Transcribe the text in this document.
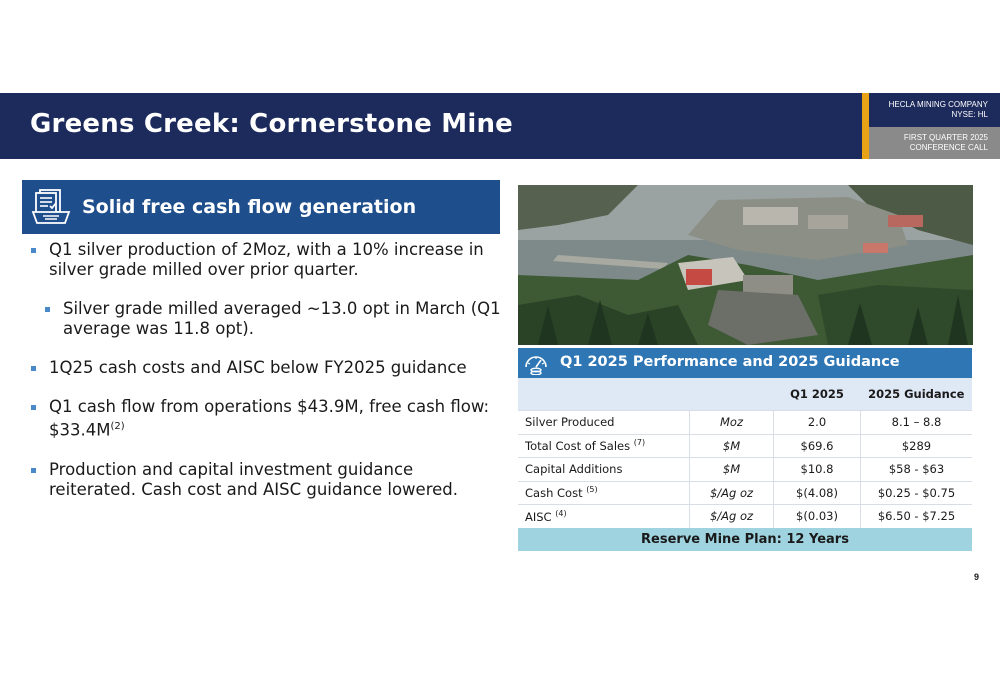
Greens Creek: Cornerstone Mine
HECLA MINING COMPANY
NYSE: HL
FIRST QUARTER 2025
CONFERENCE CALL
Solid free cash flow generation
Q1 silver production of 2Moz, with a 10% increase in silver grade milled over prior quarter.
Silver grade milled averaged ~13.0 opt in March (Q1 average was 11.8 opt).
1Q25 cash costs and AISC below FY2025 guidance
Q1 cash flow from operations $43.9M, free cash flow: $\$33.4M^{(2)}$
Production and capital investment guidance reiterated. Cash cost and AISC guidance lowered.
Q1 2025 Performance and 2025 Guidance
		Q1 2025	2025 Guidance
Silver Produced	Moz	2.0	8.1 – 8.8
Total Cost of Sales $^{(7)}$	$M	$69.6	$289
Capital Additions	$M	$10.8	$58 - $63
Cash Cost $^{(5)}$	$/Ag oz	$(4.08)	$0.25 - $0.75
AISC $^{(4)}$	$/Ag oz	$(0.03)	$6.50 - $7.25
Reserve Mine Plan: 12 Years
9
